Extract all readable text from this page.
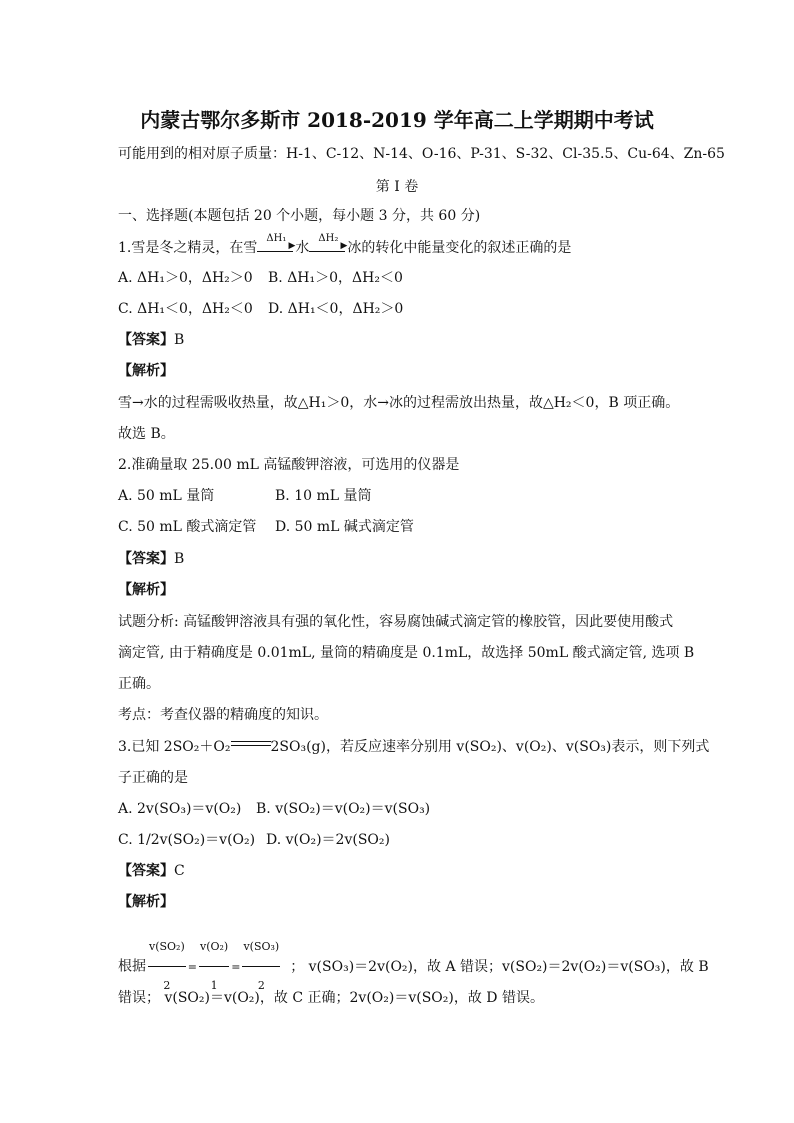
内蒙古鄂尔多斯市 2018-2019 学年高二上学期期中考试
可能用到的相对原子质量：H-1、C-12、N-14、O-16、P-31、S-32、Cl-35.5、Cu-64、Zn-65
第 I 卷
一、选择题(本题包括 20 个小题，每小题 3 分，共 60 分)
1.雪是冬之精灵，在雪
ΔH₁
▶ 水
ΔH₂
▶ 冰的转化中能量变化的叙述正确的是
A. ΔH₁＞0，ΔH₂＞0 B. ΔH₁＞0，ΔH₂＜0
C. ΔH₁＜0，ΔH₂＜0 D. ΔH₁＜0，ΔH₂＞0
【答案】B
【解析】
雪→水的过程需吸收热量，故△H₁＞0，水→冰的过程需放出热量，故△H₂＜0，B 项正确。
故选 B。
2.准确量取 25.00 mL 高锰酸钾溶液，可选用的仪器是
A. 50 mL 量筒	B. 10 mL 量筒
C. 50 mL 酸式滴定管 D. 50 mL 碱式滴定管
【答案】B
【解析】
试题分析: 高锰酸钾溶液具有强的氧化性，容易腐蚀碱式滴定管的橡胶管，因此要使用酸式
滴定管, 由于精确度是 0.01mL, 量筒的精确度是 0.1mL，故选择 50mL 酸式滴定管, 选项 B
正确。
考点：考查仪器的精确度的知识。
3.已知 2SO₂＋O₂	2SO₃(g)，若反应速率分别用 v(SO₂)、v(O₂)、v(SO₃)表示，则下列式
子正确的是
A. 2v(SO₃)＝v(O₂) B. v(SO₂)＝v(O₂)＝v(SO₃)
C. 1/2v(SO₂)＝v(O₂) D. v(O₂)＝2v(SO₂)
【答案】C
【解析】
根据 $\frac{\text{v(SO₂)}}{2} = \frac{\text{v(O₂)}}{1} = \frac{\text{v(SO₃)}}{2}$ ； v(SO₃)＝2v(O₂)，故 A 错误；v(SO₂)＝2v(O₂)＝v(SO₃)，故 B
错误； v(SO₂)＝v(O₂)，故 C 正确；2v(O₂)＝v(SO₂)，故 D 错误。
